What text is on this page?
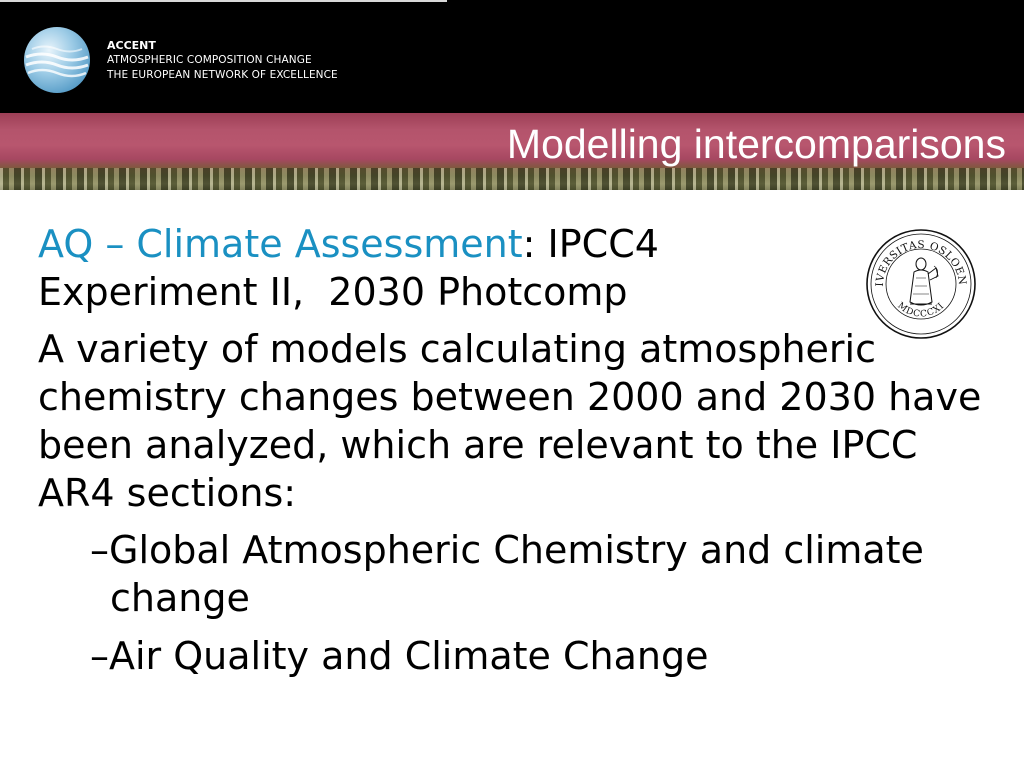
ACCENT
ATMOSPHERIC COMPOSITION CHANGE
THE EUROPEAN NETWORK OF EXCELLENCE
Modelling intercomparisons
IVERSITAS OSLOEN
MDCCCXI

AQ – Climate Assessment: IPCC4 Experiment II,  2030 Photcomp

A variety of models calculating atmospheric chemistry changes between 2000 and 2030 have been analyzed, which are relevant to the IPCC AR4 sections:

–Global Atmospheric Chemistry and climate change

–Air Quality and Climate Change
